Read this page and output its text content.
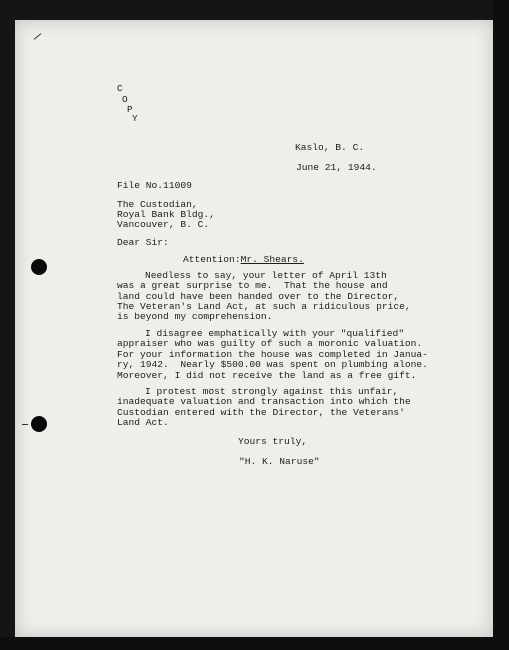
C

O

P

Y

Kaslo, B. C.

June 21, 1944.

File No.11009

The Custodian,

Royal Bank Bldg.,

Vancouver, B. C.

Dear Sir:

Attention:Mr. Shears.

Needless to say, your letter of April 13th

was a great surprise to me.  That the house and

land could have been handed over to the Director,

The Veteran's Land Act, at such a ridiculous price,

is beyond my comprehension.

I disagree emphatically with your "qualified"

appraiser who was guilty of such a moronic valuation.

For your information the house was completed in Janua-

ry, 1942.  Nearly $500.00 was spent on plumbing alone.

Moreover, I did not receive the land as a free gift.

I protest most strongly against this unfair,

inadequate valuation and transaction into which the

Custodian entered with the Director, the Veterans'

Land Act.

Yours truly,

"H. K. Naruse"
